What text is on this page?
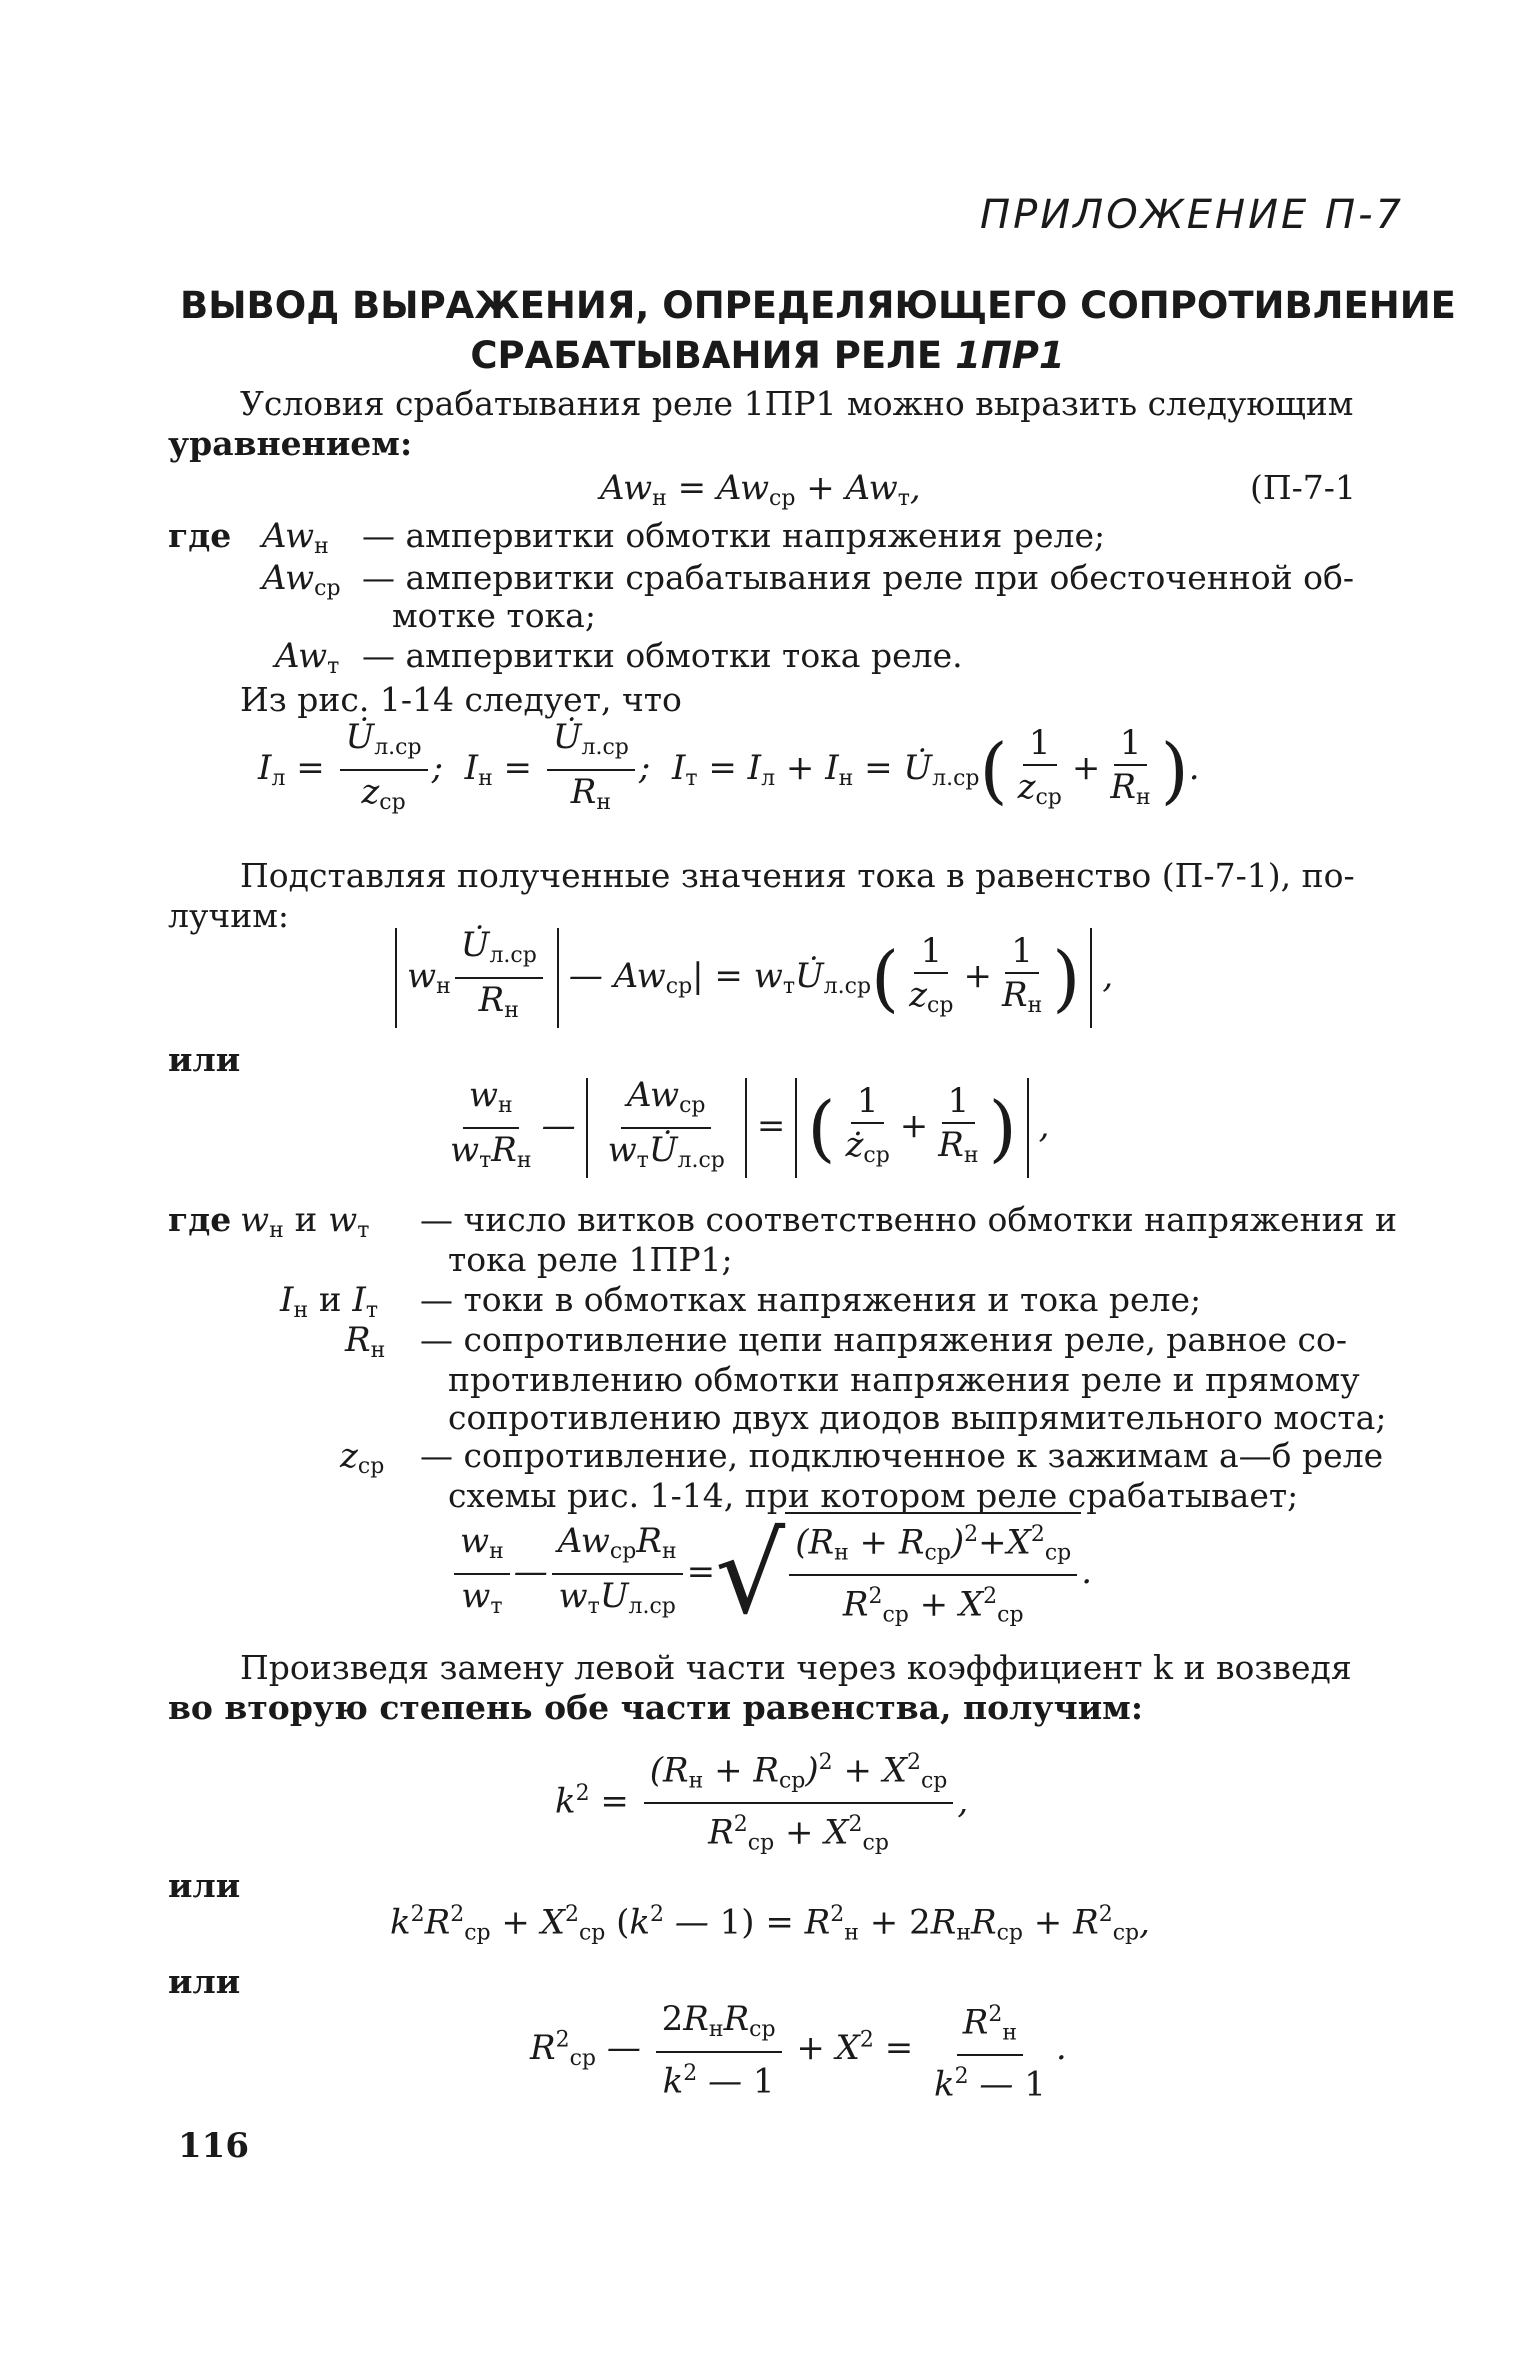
ПРИЛОЖЕНИЕ П-7
ВЫВОД ВЫРАЖЕНИЯ, ОПРЕДЕЛЯЮЩЕГО СОПРОТИВЛЕНИЕ
СРАБАТЫВАНИЯ РЕЛЕ 1ПР1
Условия срабатывания реле 1ПР1 можно выразить следующим
уравнением:
$Aw_н = Aw_{ср} + Aw_т$,	(П-7-1
где $Aw_н$ — ампервитки обмотки напряжения реле;
$Aw_{ср}$ — ампервитки срабатывания реле при обесточенной об-
мотке тока;
$Aw_т$ — ампервитки обмотки тока реле.
Из рис. 1-14 следует, что
$I_л = \frac{U̇_{л.ср}}{z_{ср}}$ ;  $I_н = \frac{U̇_{л.ср}}{R_н}$ ;  $I_т = I_л + I_н$ = $U̇_{л.ср}( \frac{1}{z_{ср}} + \frac{1}{R_н}$ ).
Подставляя полученные значения тока в равенство (П-7-1), по-
лучим:
$w_н \frac{U̇_{л.ср}}{R_н}$ — $Aw_{ср}|$ = $w_тU̇_{л.ср}( \frac{1}{z_{ср}} + \frac{1}{R_н}$ ) ,
или
$\frac{w_н}{w_тR_н}$ — $\frac{Aw_{ср}}{w_тU̇_{л.ср}}$ = ( $\frac{1}{ż_{ср}} + \frac{1}{R_н}$ ) ,
где $w_н$ и $w_т$ — число витков соответственно обмотки напряжения и
тока реле 1ПР1;
$I_н$ и $I_т$ — токи в обмотках напряжения и тока реле;
$R_н$ — сопротивление цепи напряжения реле, равное со-
противлению обмотки напряжения реле и прямому
сопротивлению двух диодов выпрямительного моста;
$z_{ср}$ — сопротивление, подключенное к зажимам а—б реле
схемы рис. 1-14, при котором реле срабатывает;
$\frac{w_н}{w_т}$ — $\frac{Aw_{ср}R_н}{w_тU_{л.ср}}$ =√ $\frac{(R_н + R_{ср})^2+X^2_{ср}}{R^2_{ср} + X^2_{ср}}$ .
Произведя замену левой части через коэффициент k и возведя
во вторую степень обе части равенства, получим:
$k^2 = \frac{(R_н + R_{ср})^2 + X^2_{ср}}{R^2_{ср} + X^2_{ср}}$ ,
или
$k^2R^2_{ср} + X^2_{ср}$ ($k^2$ — $1) = R^2_н + 2R_нR_{ср} + R^2_{ср}$,
или
$R^2_{ср}$ — $\frac{2R_нR_{ср}}{k^2 — 1} + X^2 = \frac{R^2_н}{k^2 — 1}$ .
116
